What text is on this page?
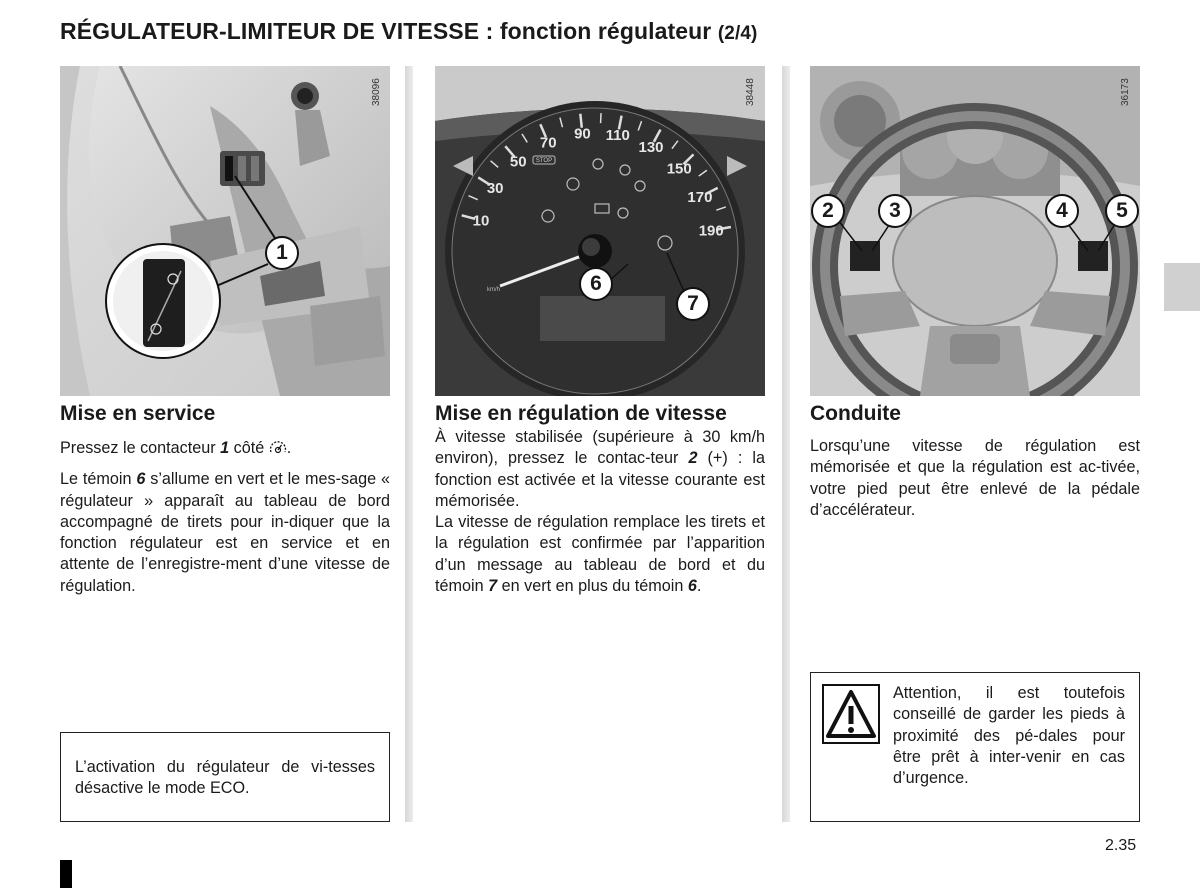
RÉGULATEUR-LIMITEUR DE VITESSE : fonction régulateur (2/4)
38096
1
10
30
50
70
90 110
130
150
170
190
STOP
km/h
38448
6
7
36173
2	3	4	5
Mise en service

Pressez le contacteur 1 côté .

Le témoin 6 s’allume en vert et le mes-sage « régulateur » apparaît au tableau de bord accompagné de tirets pour in-diquer que la fonction régulateur est en service et en attente de l’enregistre-ment d’une vitesse de régulation.

L’activation du régulateur de vi-tesses désactive le mode ECO.
Mise en régulation de vitesse

À vitesse stabilisée (supérieure à 30 km/h environ), pressez le contac-teur 2 (+) : la fonction est activée et la vitesse courante est mémorisée.

La vitesse de régulation remplace les tirets et la régulation est confirmée par l’apparition d’un message au tableau de bord et du témoin 7 en vert en plus du témoin 6.

Conduite
Lorsqu’une vitesse de régulation est mémorisée et que la régulation est ac-tivée, votre pied peut être enlevé de la pédale d’accélérateur.
Attention, il est toutefois conseillé de garder les pieds à proximité des pé-dales pour être prêt à inter-venir en cas d’urgence.
2.35
